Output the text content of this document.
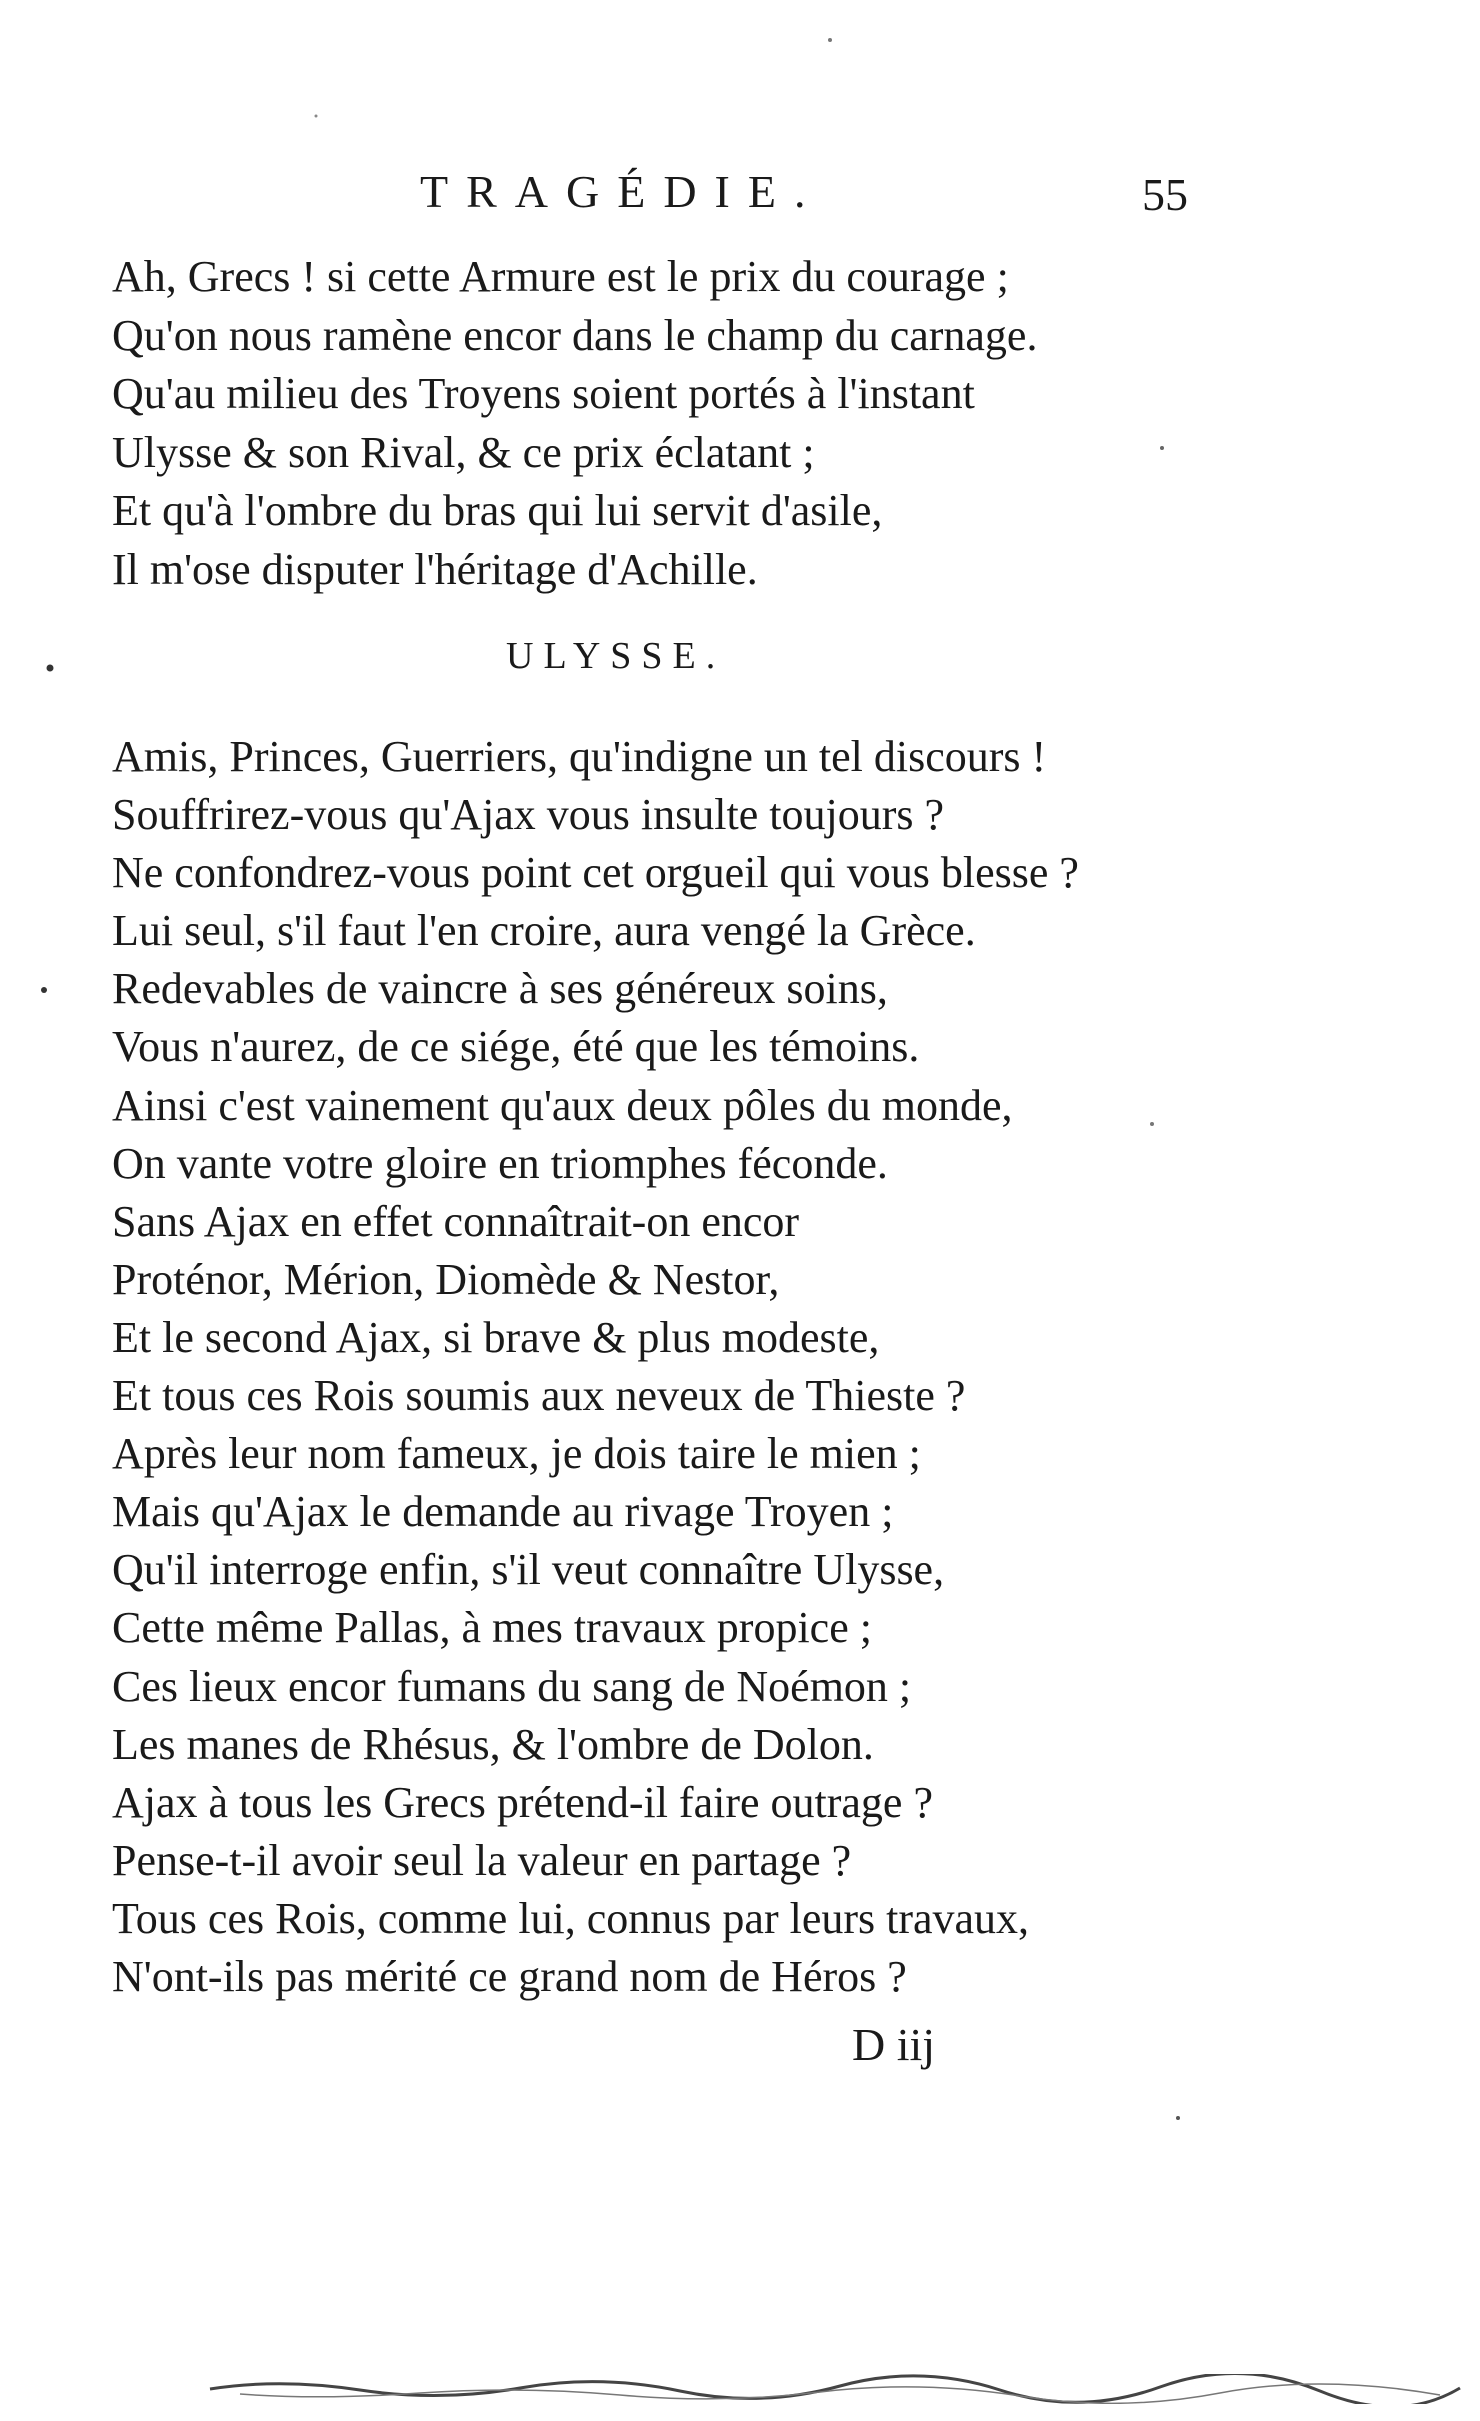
TRAGÉDIE.	55
Ah, Grecs ! si cette Armure est le prix du courage ;
Qu'on nous ramène encor dans le champ du carnage.
Qu'au milieu des Troyens soient portés à l'instant
Ulysse & son Rival, & ce prix éclatant ;
Et qu'à l'ombre du bras qui lui servit d'asile,
Il m'ose disputer l'héritage d'Achille.
ULYSSE.
Amis, Princes, Guerriers, qu'indigne un tel discours !
Souffrirez-vous qu'Ajax vous insulte toujours ?
Ne confondrez-vous point cet orgueil qui vous blesse ?
Lui seul, s'il faut l'en croire, aura vengé la Grèce.
Redevables de vaincre à ses généreux soins,
Vous n'aurez, de ce siége, été que les témoins.
Ainsi c'est vainement qu'aux deux pôles du monde,
On vante votre gloire en triomphes féconde.
Sans Ajax en effet connaîtrait-on encor
Proténor, Mérion, Diomède & Nestor,
Et le second Ajax, si brave & plus modeste,
Et tous ces Rois soumis aux neveux de Thieste ?
Après leur nom fameux, je dois taire le mien ;
Mais qu'Ajax le demande au rivage Troyen ;
Qu'il interroge enfin, s'il veut connaître Ulysse,
Cette même Pallas, à mes travaux propice ;
Ces lieux encor fumans du sang de Noémon ;
Les manes de Rhésus, & l'ombre de Dolon.
Ajax à tous les Grecs prétend-il faire outrage ?
Pense-t-il avoir seul la valeur en partage ?
Tous ces Rois, comme lui, connus par leurs travaux,
N'ont-ils pas mérité ce grand nom de Héros ?
D iij
